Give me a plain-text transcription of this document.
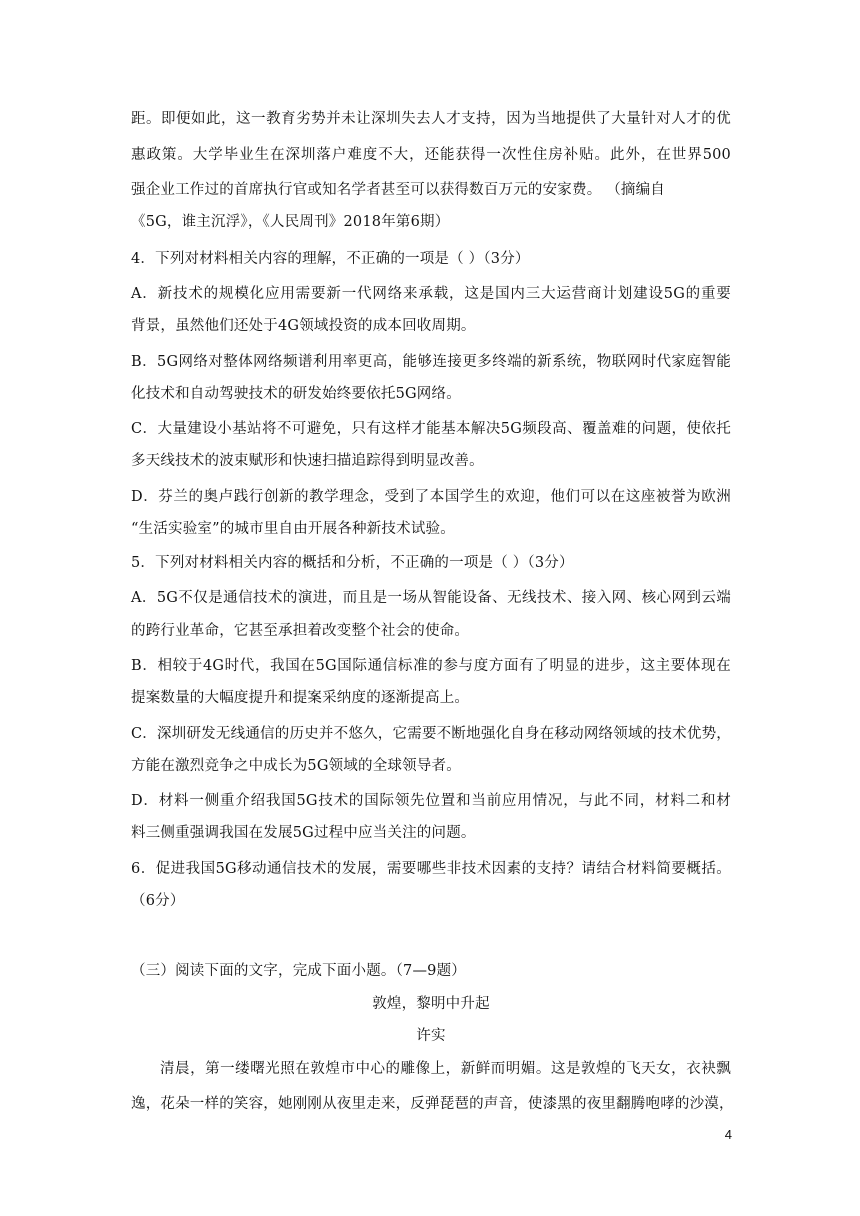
距。即便如此，这一教育劣势并未让深圳失去人才支持，因为当地提供了大量针对人才的优
惠政策。大学毕业生在深圳落户难度不大，还能获得一次性住房补贴。此外，在世界500
强企业工作过的首席执行官或知名学者甚至可以获得数百万元的安家费。 （摘编自
《5G，谁主沉浮》，《人民周刊》2018年第6期）
4．下列对材料相关内容的理解，不正确的一项是（ ）（3分）
A．新技术的规模化应用需要新一代网络来承载，这是国内三大运营商计划建设5G的重要
背景，虽然他们还处于4G领域投资的成本回收周期。
B．5G网络对整体网络频谱利用率更高，能够连接更多终端的新系统，物联网时代家庭智能
化技术和自动驾驶技术的研发始终要依托5G网络。
C．大量建设小基站将不可避免，只有这样才能基本解决5G频段高、覆盖难的问题，使依托
多天线技术的波束赋形和快速扫描追踪得到明显改善。
D．芬兰的奥卢践行创新的教学理念，受到了本国学生的欢迎，他们可以在这座被誉为欧洲
“生活实验室”的城市里自由开展各种新技术试验。
5．下列对材料相关内容的概括和分析，不正确的一项是（ ）（3分）
A．5G不仅是通信技术的演进，而且是一场从智能设备、无线技术、接入网、核心网到云端
的跨行业革命，它甚至承担着改变整个社会的使命。
B．相较于4G时代，我国在5G国际通信标准的参与度方面有了明显的进步，这主要体现在
提案数量的大幅度提升和提案采纳度的逐渐提高上。
C．深圳研发无线通信的历史并不悠久，它需要不断地强化自身在移动网络领域的技术优势，
方能在激烈竞争之中成长为5G领域的全球领导者。
D．材料一侧重介绍我国5G技术的国际领先位置和当前应用情况，与此不同，材料二和材
料三侧重强调我国在发展5G过程中应当关注的问题。
6．促进我国5G移动通信技术的发展，需要哪些非技术因素的支持？请结合材料简要概括。
（6分）
（三）阅读下面的文字，完成下面小题。（7—9题）
敦煌，黎明中升起
许实
清晨，第一缕曙光照在敦煌市中心的雕像上，新鲜而明媚。这是敦煌的飞天女，衣袂飘
逸，花朵一样的笑容，她刚刚从夜里走来，反弹琵琶的声音，使漆黑的夜里翻腾咆哮的沙漠，
4
